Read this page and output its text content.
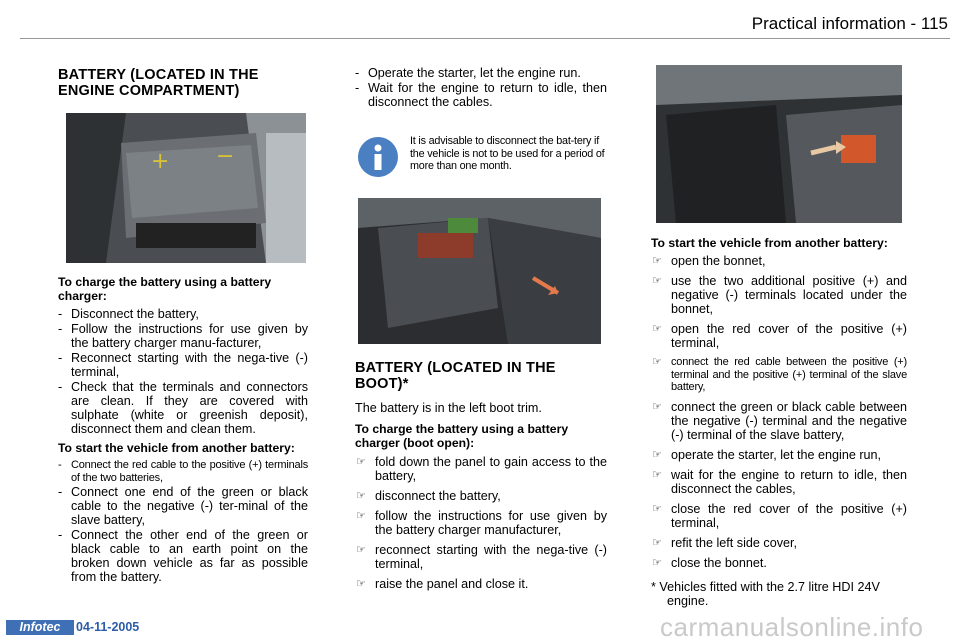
Practical information - 115
BATTERY (LOCATED IN THE ENGINE COMPARTMENT)
+ −

To charge the battery using a battery charger:

- Disconnect the battery,
- Follow the instructions for use given by the battery charger manu-facturer,
- Reconnect starting with the nega-tive (-) terminal,
- Check that the terminals and connectors are clean. If they are covered with sulphate (white or greenish deposit), disconnect them and clean them.

To start the vehicle from another battery:

- Connect the red cable to the positive (+) terminals of the two batteries,
- Connect one end of the green or black cable to the negative (-) ter-minal of the slave battery,
- Connect the other end of the green or black cable to an earth point on the broken down vehicle as far as possible from the battery.
- Operate the starter, let the engine run.
- Wait for the engine to return to idle, then disconnect the cables.

It is advisable to disconnect the bat-tery if the vehicle is not to be used for a period of more than one month.

BATTERY (LOCATED IN THE BOOT)*

The battery is in the left boot trim.

To charge the battery using a battery charger (boot open):

☞ fold down the panel to gain access to the battery,
☞ disconnect the battery,
☞ follow the instructions for use given by the battery charger manufacturer,
☞ reconnect starting with the nega-tive (-) terminal,
☞ raise the panel and close it.

To start the vehicle from another battery:

☞ open the bonnet,
☞ use the two additional positive (+) and negative (-) terminals located under the bonnet,
☞ open the red cover of the positive (+) terminal,
☞ connect the red cable between the positive (+) terminal and the positive (+) terminal of the slave battery,
☞ connect the green or black cable between the negative (-) terminal and the negative (-) terminal of the slave battery,
☞ operate the starter, let the engine run,
☞ wait for the engine to return to idle, then disconnect the cables,
☞ close the red cover of the positive (+) terminal,
☞ refit the left side cover,
☞ close the bonnet.

* Vehicles fitted with the 2.7 litre HDI 24V engine.

Infotec	04-11-2005	carmanualsonline.info
